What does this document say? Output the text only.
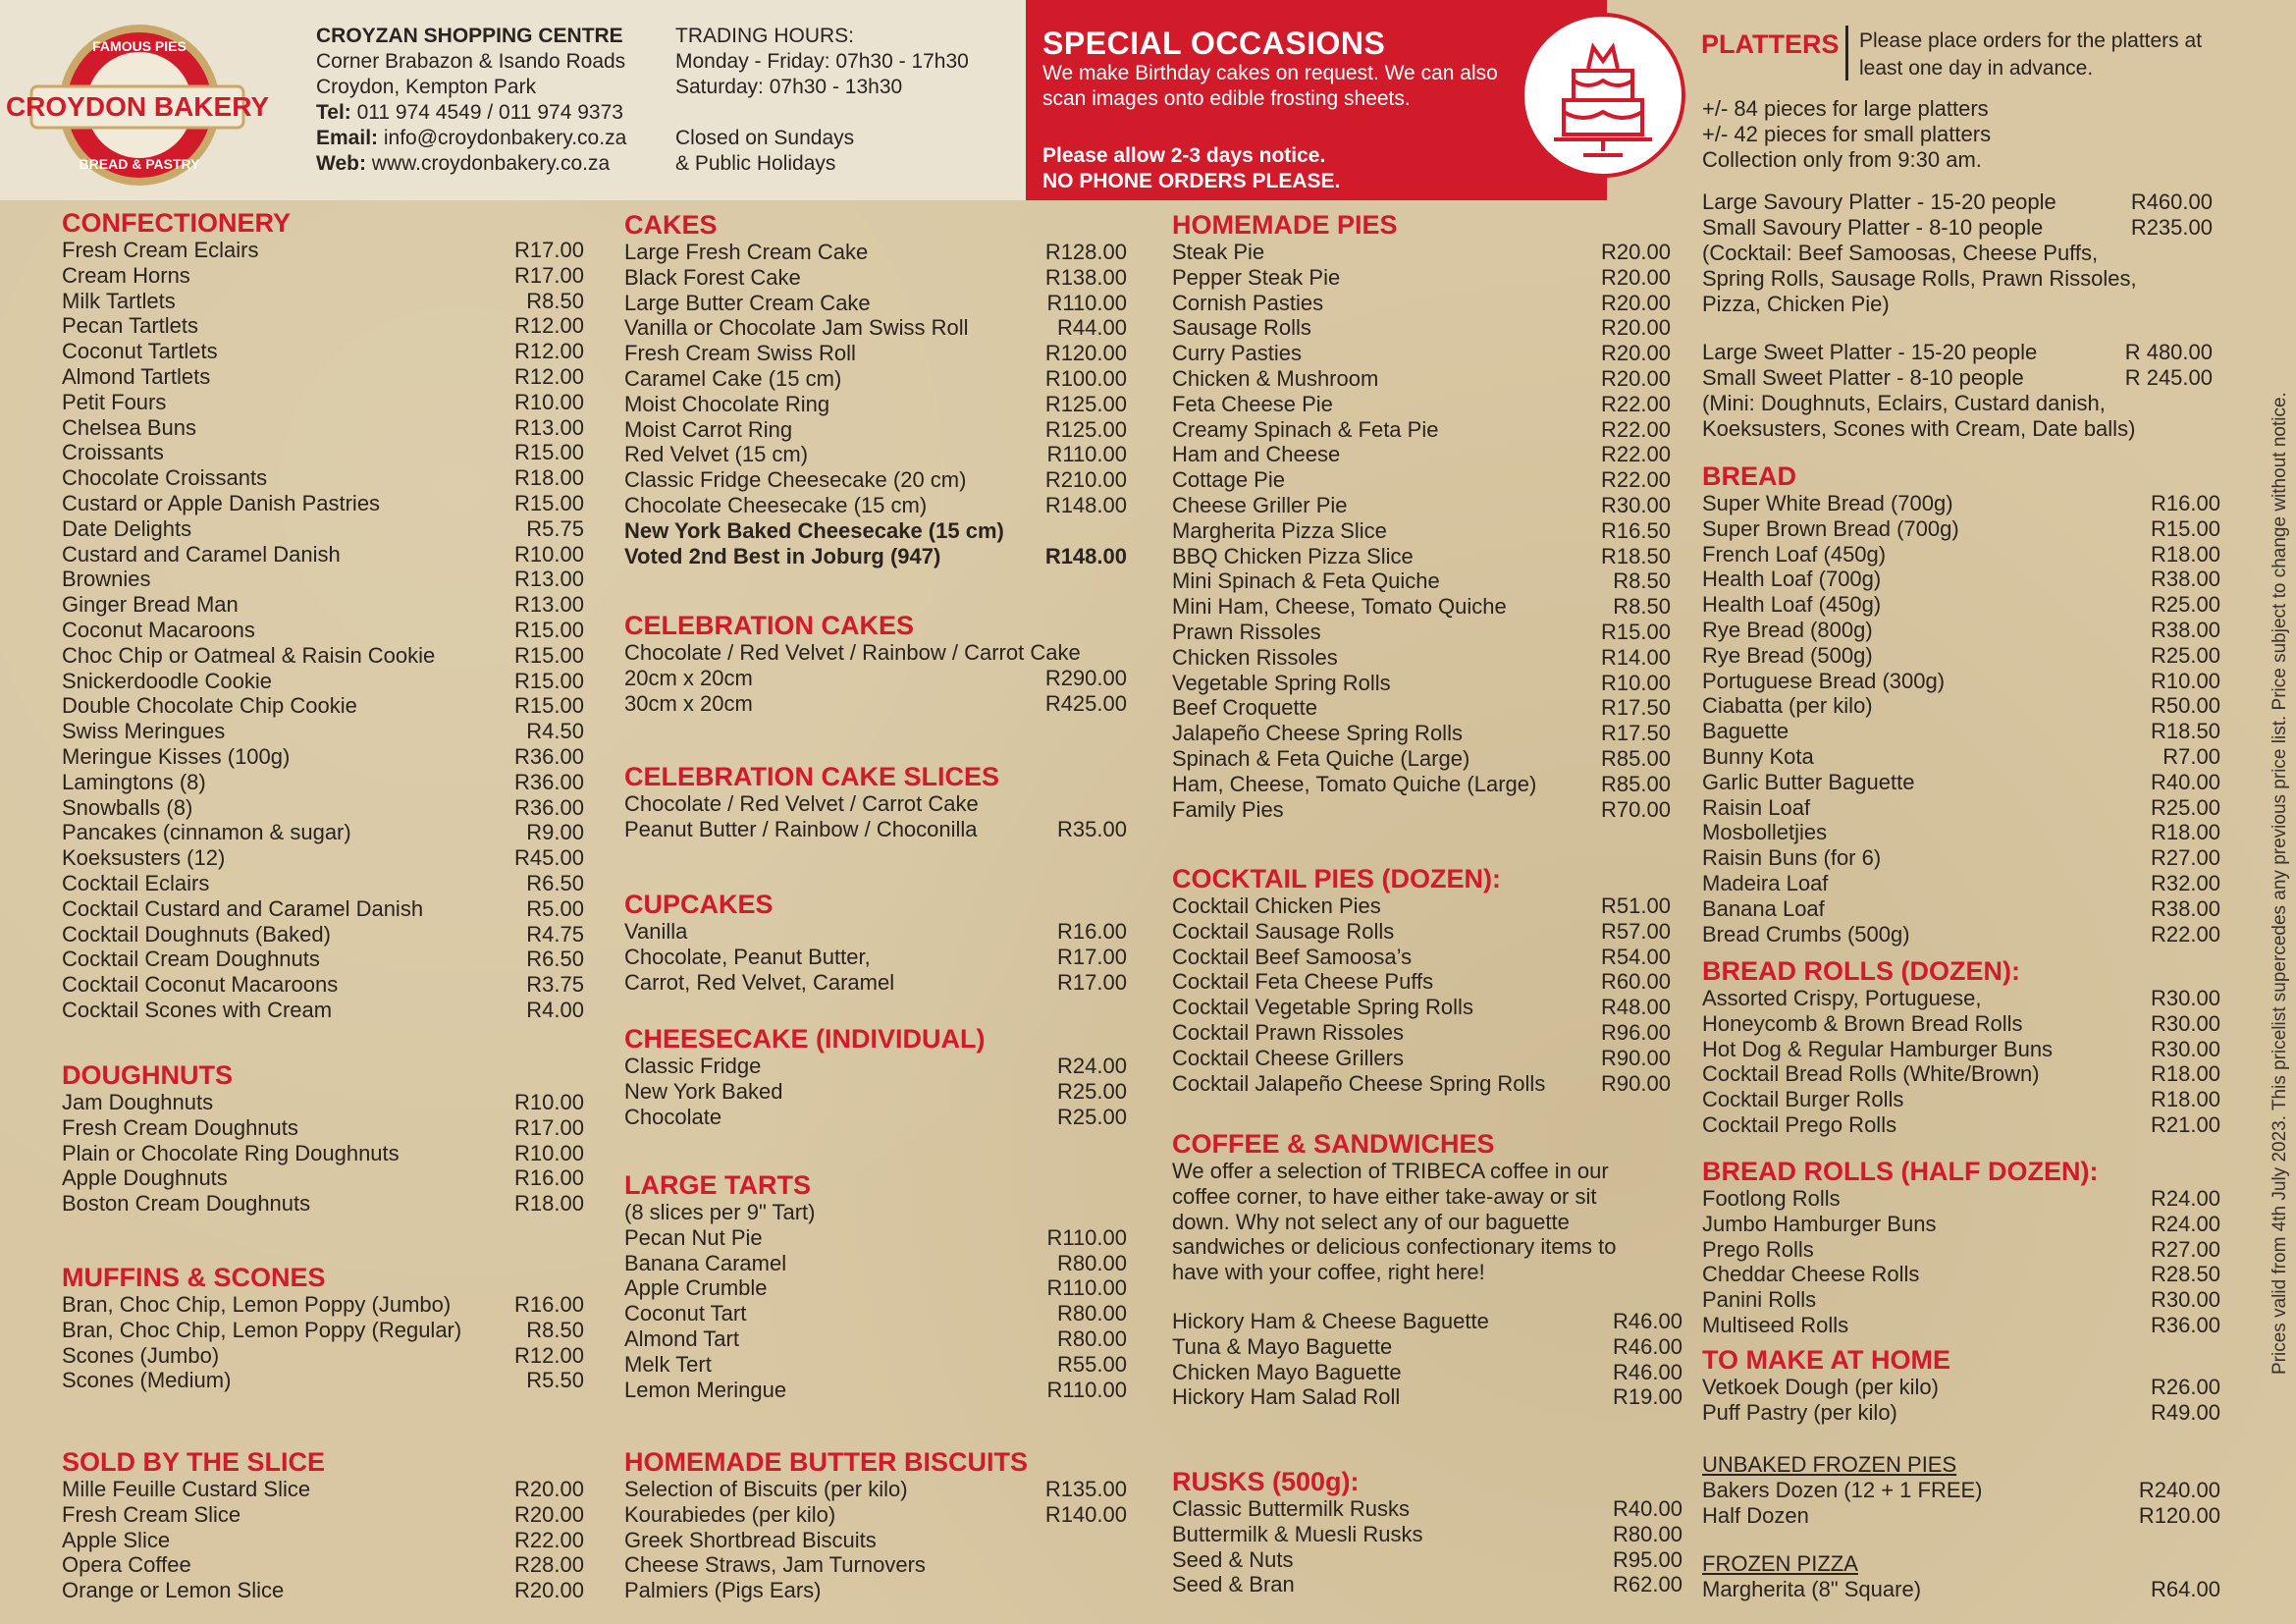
CROYDON BAKERY
FAMOUS PIES
BREAD & PASTRY
CROYZAN SHOPPING CENTRE
Corner Brabazon & Isando Roads
Croydon, Kempton Park
Tel: 011 974 4549 / 011 974 9373
Email: info@croydonbakery.co.za
Web: www.croydonbakery.co.za
TRADING HOURS:
Monday - Friday: 07h30 - 17h30
Saturday: 07h30 - 13h30
Closed on Sundays
& Public Holidays
SPECIAL OCCASIONS
We make Birthday cakes on request. We can also scan images onto edible frosting sheets.
Please allow 2-3 days notice.
NO PHONE ORDERS PLEASE.
PLATTERS Please place orders for the platters at least one day in advance.
CONFECTIONERY
Fresh Cream Eclairs	R17.00
Cream Horns	R17.00
Milk Tartlets	R8.50
Pecan Tartlets	R12.00
Coconut Tartlets	R12.00
Almond Tartlets	R12.00
Petit Fours	R10.00
Chelsea Buns	R13.00
Croissants	R15.00
Chocolate Croissants	R18.00
Custard or Apple Danish Pastries	R15.00
Date Delights	R5.75
Custard and Caramel Danish	R10.00
Brownies	R13.00
Ginger Bread Man	R13.00
Coconut Macaroons	R15.00
Choc Chip or Oatmeal & Raisin Cookie	R15.00
Snickerdoodle Cookie	R15.00
Double Chocolate Chip Cookie	R15.00
Swiss Meringues	R4.50
Meringue Kisses (100g)	R36.00
Lamingtons (8)	R36.00
Snowballs (8)	R36.00
Pancakes (cinnamon & sugar)	R9.00
Koeksusters (12)	R45.00
Cocktail Eclairs	R6.50
Cocktail Custard and Caramel Danish	R5.00
Cocktail Doughnuts (Baked)	R4.75
Cocktail Cream Doughnuts	R6.50
Cocktail Coconut Macaroons	R3.75
Cocktail Scones with Cream	R4.00
DOUGHNUTS
Jam Doughnuts	R10.00
Fresh Cream Doughnuts	R17.00
Plain or Chocolate Ring Doughnuts	R10.00
Apple Doughnuts	R16.00
Boston Cream Doughnuts	R18.00
MUFFINS & SCONES
Bran, Choc Chip, Lemon Poppy (Jumbo)	R16.00
Bran, Choc Chip, Lemon Poppy (Regular)	R8.50
Scones (Jumbo)	R12.00
Scones (Medium)	R5.50
SOLD BY THE SLICE
Mille Feuille Custard Slice	R20.00
Fresh Cream Slice	R20.00
Apple Slice	R22.00
Opera Coffee	R28.00
Orange or Lemon Slice	R20.00
CAKES
Large Fresh Cream Cake	R128.00
Black Forest Cake	R138.00
Large Butter Cream Cake	R110.00
Vanilla or Chocolate Jam Swiss Roll	R44.00
Fresh Cream Swiss Roll	R120.00
Caramel Cake (15 cm)	R100.00
Moist Chocolate Ring	R125.00
Moist Carrot Ring	R125.00
Red Velvet (15 cm)	R110.00
Classic Fridge Cheesecake (20 cm)	R210.00
Chocolate Cheesecake (15 cm)	R148.00
New York Baked Cheesecake (15 cm)
Voted 2nd Best in Joburg (947)	R148.00
CELEBRATION CAKES
Chocolate / Red Velvet / Rainbow / Carrot Cake
20cm x 20cm	R290.00
30cm x 20cm	R425.00
CELEBRATION CAKE SLICES
Chocolate / Red Velvet / Carrot Cake
Peanut Butter / Rainbow / Choconilla	R35.00
CUPCAKES
Vanilla	R16.00
Chocolate, Peanut Butter,	R17.00
Carrot, Red Velvet, Caramel	R17.00
CHEESECAKE (INDIVIDUAL)
Classic Fridge	R24.00
New York Baked	R25.00
Chocolate	R25.00
LARGE TARTS
(8 slices per 9" Tart)
Pecan Nut Pie	R110.00
Banana Caramel	R80.00
Apple Crumble	R110.00
Coconut Tart	R80.00
Almond Tart	R80.00
Melk Tert	R55.00
Lemon Meringue	R110.00
HOMEMADE BUTTER BISCUITS
Selection of Biscuits (per kilo)	R135.00
Kourabiedes (per kilo)	R140.00
Greek Shortbread Biscuits
Cheese Straws, Jam Turnovers
Palmiers (Pigs Ears)
HOMEMADE PIES
Steak Pie	R20.00
Pepper Steak Pie	R20.00
Cornish Pasties	R20.00
Sausage Rolls	R20.00
Curry Pasties	R20.00
Chicken & Mushroom	R20.00
Feta Cheese Pie	R22.00
Creamy Spinach & Feta Pie	R22.00
Ham and Cheese	R22.00
Cottage Pie	R22.00
Cheese Griller Pie	R30.00
Margherita Pizza Slice	R16.50
BBQ Chicken Pizza Slice	R18.50
Mini Spinach & Feta Quiche	R8.50
Mini Ham, Cheese, Tomato Quiche	R8.50
Prawn Rissoles	R15.00
Chicken Rissoles	R14.00
Vegetable Spring Rolls	R10.00
Beef Croquette	R17.50
Jalapeño Cheese Spring Rolls	R17.50
Spinach & Feta Quiche (Large)	R85.00
Ham, Cheese, Tomato Quiche (Large)	R85.00
Family Pies	R70.00
COCKTAIL PIES (DOZEN):
Cocktail Chicken Pies	R51.00
Cocktail Sausage Rolls	R57.00
Cocktail Beef Samoosa’s	R54.00
Cocktail Feta Cheese Puffs	R60.00
Cocktail Vegetable Spring Rolls	R48.00
Cocktail Prawn Rissoles	R96.00
Cocktail Cheese Grillers	R90.00
Cocktail Jalapeño Cheese Spring Rolls	R90.00
COFFEE & SANDWICHES
We offer a selection of TRIBECA coffee in our coffee corner, to have either take-away or sit down. Why not select any of our baguette sandwiches or delicious confectionary items to have with your coffee, right here!
Hickory Ham & Cheese Baguette	R46.00
Tuna & Mayo Baguette	R46.00
Chicken Mayo Baguette	R46.00
Hickory Ham Salad Roll	R19.00
RUSKS (500g):
Classic Buttermilk Rusks	R40.00
Buttermilk & Muesli Rusks	R80.00
Seed & Nuts	R95.00
Seed & Bran	R62.00
+/- 84 pieces for large platters
+/- 42 pieces for small platters
Collection only from 9:30 am.
Large Savoury Platter - 15-20 people	R460.00
Small Savoury Platter - 8-10 people	R235.00
(Cocktail: Beef Samoosas, Cheese Puffs,
Spring Rolls, Sausage Rolls, Prawn Rissoles,
Pizza, Chicken Pie)
Large Sweet Platter - 15-20 people	R 480.00
Small Sweet Platter - 8-10 people	R 245.00
(Mini: Doughnuts, Eclairs, Custard danish,
Koeksusters, Scones with Cream, Date balls)
BREAD
Super White Bread (700g)	R16.00
Super Brown Bread (700g)	R15.00
French Loaf (450g)	R18.00
Health Loaf (700g)	R38.00
Health Loaf (450g)	R25.00
Rye Bread (800g)	R38.00
Rye Bread (500g)	R25.00
Portuguese Bread (300g)	R10.00
Ciabatta (per kilo)	R50.00
Baguette	R18.50
Bunny Kota	R7.00
Garlic Butter Baguette	R40.00
Raisin Loaf	R25.00
Mosbolletjies	R18.00
Raisin Buns (for 6)	R27.00
Madeira Loaf	R32.00
Banana Loaf	R38.00
Bread Crumbs (500g)	R22.00
BREAD ROLLS (DOZEN):
Assorted Crispy, Portuguese,	R30.00
Honeycomb & Brown Bread Rolls	R30.00
Hot Dog & Regular Hamburger Buns	R30.00
Cocktail Bread Rolls (White/Brown)	R18.00
Cocktail Burger Rolls	R18.00
Cocktail Prego Rolls	R21.00
BREAD ROLLS (HALF DOZEN):
Footlong Rolls	R24.00
Jumbo Hamburger Buns	R24.00
Prego Rolls	R27.00
Cheddar Cheese Rolls	R28.50
Panini Rolls	R30.00
Multiseed Rolls	R36.00
TO MAKE AT HOME
Vetkoek Dough (per kilo)	R26.00
Puff Pastry (per kilo)	R49.00
UNBAKED FROZEN PIES
Bakers Dozen (12 + 1 FREE)	R240.00
Half Dozen	R120.00
FROZEN PIZZA
Margherita (8" Square)	R64.00
Prices valid from 4th July 2023. This pricelist supercedes any previous price list. Price subject to change without notice.
